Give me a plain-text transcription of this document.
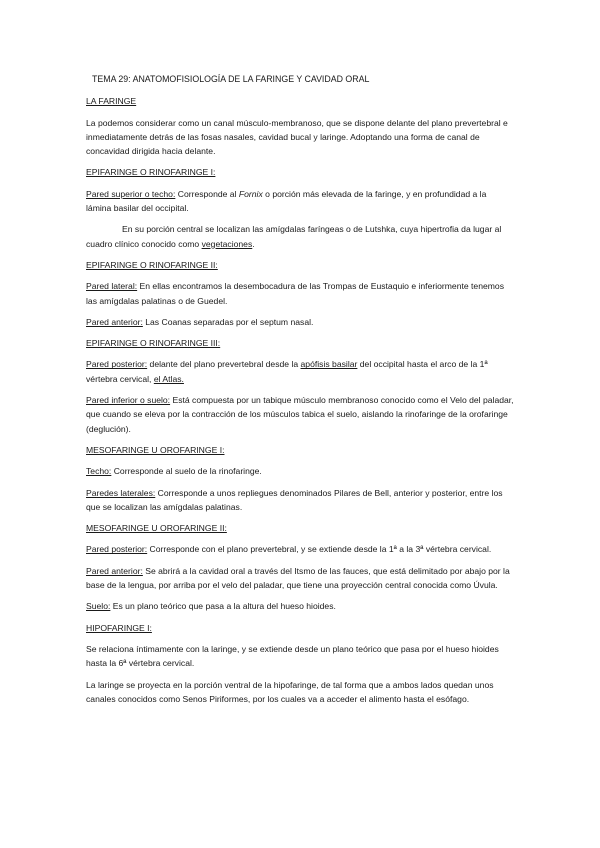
TEMA 29: ANATOMOFISIOLOGÍA DE LA FARINGE Y CAVIDAD ORAL
LA FARINGE

La podemos considerar como un canal músculo-membranoso, que se dispone delante del plano prevertebral e inmediatamente detrás de las fosas nasales, cavidad bucal y laringe. Adoptando una forma de canal de concavidad dirigida hacia delante.

EPIFARINGE O RINOFARINGE I:

Pared superior o techo: Corresponde al Fornix o porción más elevada de la faringe, y en profundidad a la lámina basilar del occipital.

En su porción central se localizan las amígdalas faríngeas o de Lutshka, cuya hipertrofia da lugar al cuadro clínico conocido como vegetaciones.

EPIFARINGE O RINOFARINGE II:

Pared lateral: En ellas encontramos la desembocadura de las Trompas de Eustaquio e inferiormente tenemos las amígdalas palatinas o de Guedel.

Pared anterior: Las Coanas separadas por el septum nasal.

EPIFARINGE O RINOFARINGE III:

Pared posterior: delante del plano prevertebral desde la apófisis basilar del occipital hasta el arco de la 1ª vértebra cervical, el Atlas.

Pared inferior o suelo: Está compuesta por un tabique músculo membranoso conocido como el Velo del paladar, que cuando se eleva por la contracción de los músculos tabica el suelo, aislando la rinofaringe de la orofaringe (deglución).

MESOFARINGE U OROFARINGE I:

Techo: Corresponde al suelo de la rinofaringe.

Paredes laterales: Corresponde a unos repliegues denominados Pilares de Bell, anterior y posterior, entre los que se localizan las amígdalas palatinas.

MESOFARINGE U OROFARINGE II:

Pared posterior: Corresponde con el plano prevertebral, y se extiende desde la 1ª a la 3ª vértebra cervical.

Pared anterior: Se abrirá a la cavidad oral a través del Itsmo de las fauces, que está delimitado por abajo por la base de la lengua, por arriba por el velo del paladar, que tiene una proyección central conocida como Úvula.

Suelo: Es un plano teórico que pasa a la altura del hueso hioides.

HIPOFARINGE I:

Se relaciona íntimamente con la laringe, y se extiende desde un plano teórico que pasa por el hueso hioides hasta la 6ª vértebra cervical.

La laringe se proyecta en la porción ventral de la hipofaringe, de tal forma que a ambos lados quedan unos canales conocidos como Senos Piriformes, por los cuales va a acceder el alimento hasta el esófago.
